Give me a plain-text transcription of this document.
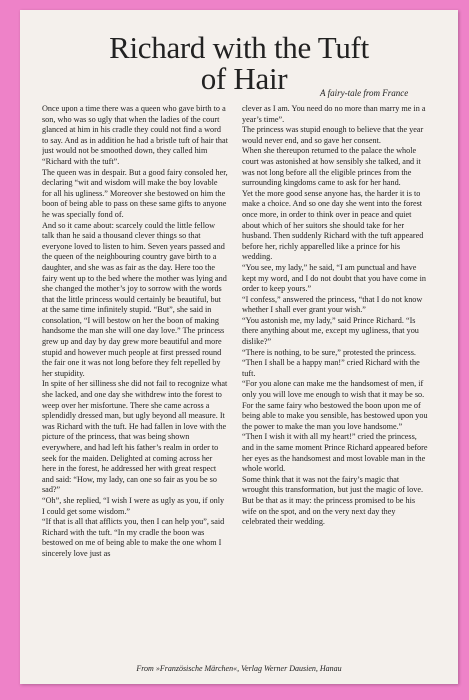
Richard with the Tuft
of Hair	A fairy-tale from France

Once upon a time there was a queen who gave birth to a son, who was so ugly that when the ladies of the court glanced at him in his cradle they could not find a word to say. And as in addition he had a bristle tuft of hair that just would not be smoothed down, they called him “Richard with the tuft”.

The queen was in despair. But a good fairy consoled her, declaring “wit and wisdom will make the boy lovable for all his ugliness.” Moreover she bestowed on him the boon of being able to pass on these same gifts to anyone he was specially fond of.

And so it came about: scarcely could the little fellow talk than he said a thousand clever things so that everyone loved to listen to him. Seven years passed and the queen of the neighbouring country gave birth to a daughter, and she was as fair as the day. Here too the fairy went up to the bed where the mother was lying and she changed the mother’s joy to sorrow with the words that the little princess would certainly be beautiful, but at the same time infinitely stupid. “But”, she said in consolation, “I will bestow on her the boon of making handsome the man she will one day love.” The princess grew up and day by day grew more beautiful and more stupid and however much people at first pressed round the fair one it was not long before they felt repelled by her stupidity.

In spite of her silliness she did not fail to recognize what she lacked, and one day she withdrew into the forest to weep over her misfortune. There she came across a splendidly dressed man, but ugly beyond all measure. It was Richard with the tuft. He had fallen in love with the picture of the princess, that was being shown everywhere, and had left his father’s realm in order to seek for the maiden. Delighted at coming across her here in the forest, he addressed her with great respect and said: “How, my lady, can one so fair as you be so sad?”

“Oh”, she replied, “I wish I were as ugly as you, if only I could get some wisdom.”

“If that is all that afflicts you, then I can help you”, said Richard with the tuft. “In my cradle the boon was bestowed on me of being able to make the one whom I sincerely love just as

clever as I am. You need do no more than marry me in a year’s time”.

The princess was stupid enough to believe that the year would never end, and so gave her consent.

When she thereupon returned to the palace the whole court was astonished at how sensibly she talked, and it was not long before all the eligible princes from the surrounding kingdoms came to ask for her hand.

Yet the more good sense anyone has, the harder it is to make a choice. And so one day she went into the forest once more, in order to think over in peace and quiet about which of her suitors she should take for her husband. Then suddenly Richard with the tuft appeared before her, richly apparelled like a prince for his wedding.

“You see, my lady,” he said, “I am punctual and have kept my word, and I do not doubt that you have come in order to keep yours.”

“I confess,” answered the princess, “that I do not know whether I shall ever grant your wish.”

“You astonish me, my lady,” said Prince Richard. “Is there anything about me, except my ugliness, that you dislike?”

“There is nothing, to be sure,” protested the princess.

“Then I shall be a happy man!” cried Richard with the tuft.

“For you alone can make me the handsomest of men, if only you will love me enough to wish that it may be so. For the same fairy who bestowed the boon upon me of being able to make you sensible, has bestowed upon you the power to make the man you love handsome.”

“Then I wish it with all my heart!” cried the princess, and in the same moment Prince Richard appeared before her eyes as the handsomest and most lovable man in the whole world.

Some think that it was not the fairy’s magic that wrought this transformation, but just the magic of love. But be that as it may: the princess promised to be his wife on the spot, and on the very next day they celebrated their wedding.

From »Französische Märchen«, Verlag Werner Dausien, Hanau
